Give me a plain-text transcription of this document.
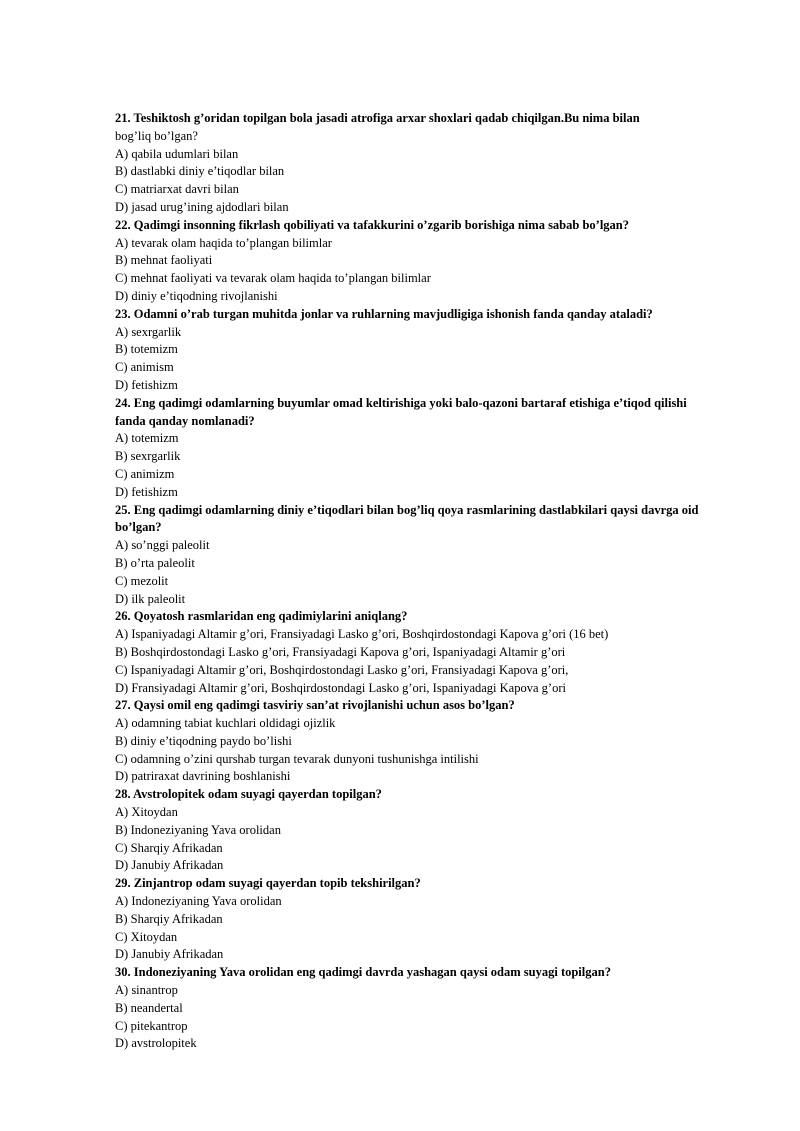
21. Teshiktosh g’oridan topilgan bola jasadi atrofiga arxar shoxlari qadab chiqilgan.Bu nima bilan

bog’liq bo’lgan?

A) qabila udumlari bilan

B) dastlabki diniy e’tiqodlar bilan

C) matriarxat davri bilan

D) jasad urug’ining ajdodlari bilan

22. Qadimgi insonning fikrlash qobiliyati va tafakkurini o’zgarib borishiga nima sabab bo’lgan?

A) tevarak olam haqida to’plangan bilimlar

B) mehnat faoliyati

C) mehnat faoliyati va tevarak olam haqida to’plangan bilimlar

D) diniy e’tiqodning rivojlanishi

23. Odamni o’rab turgan muhitda jonlar va ruhlarning mavjudligiga ishonish fanda qanday ataladi?

A) sexrgarlik

B) totemizm

C) animism

D) fetishizm

24. Eng qadimgi odamlarning buyumlar omad keltirishiga yoki balo-qazoni bartaraf etishiga e’tiqod qilishi

fanda qanday nomlanadi?

A) totemizm

B) sexrgarlik

C) animizm

D) fetishizm

25. Eng qadimgi odamlarning diniy e’tiqodlari bilan bog’liq qoya rasmlarining dastlabkilari qaysi davrga oid

bo’lgan?

A) so’nggi paleolit

B) o’rta paleolit

C) mezolit

D) ilk paleolit

26. Qoyatosh rasmlaridan eng qadimiylarini aniqlang?

A) Ispaniyadagi Altamir g’ori, Fransiyadagi Lasko g’ori, Boshqirdostondagi Kapova g’ori (16 bet)

B) Boshqirdostondagi Lasko g’ori, Fransiyadagi Kapova g’ori, Ispaniyadagi Altamir g’ori

C) Ispaniyadagi Altamir g’ori, Boshqirdostondagi Lasko g’ori, Fransiyadagi Kapova g’ori,

D) Fransiyadagi Altamir g’ori, Boshqirdostondagi Lasko g’ori, Ispaniyadagi Kapova g’ori

27. Qaysi omil eng qadimgi tasviriy san’at rivojlanishi uchun asos bo’lgan?

A) odamning tabiat kuchlari oldidagi ojizlik

B) diniy e’tiqodning paydo bo’lishi

C) odamning o’zini qurshab turgan tevarak dunyoni tushunishga intilishi

D) patriraxat davrining boshlanishi

28. Avstrolopitek odam suyagi qayerdan topilgan?

A) Xitoydan

B) Indoneziyaning Yava orolidan

C) Sharqiy Afrikadan

D) Janubiy Afrikadan

29. Zinjantrop odam suyagi qayerdan topib tekshirilgan?

A) Indoneziyaning Yava orolidan

B) Sharqiy Afrikadan

C) Xitoydan

D) Janubiy Afrikadan

30. Indoneziyaning Yava orolidan eng qadimgi davrda yashagan qaysi odam suyagi topilgan?

A) sinantrop

B) neandertal

C) pitekantrop

D) avstrolopitek
